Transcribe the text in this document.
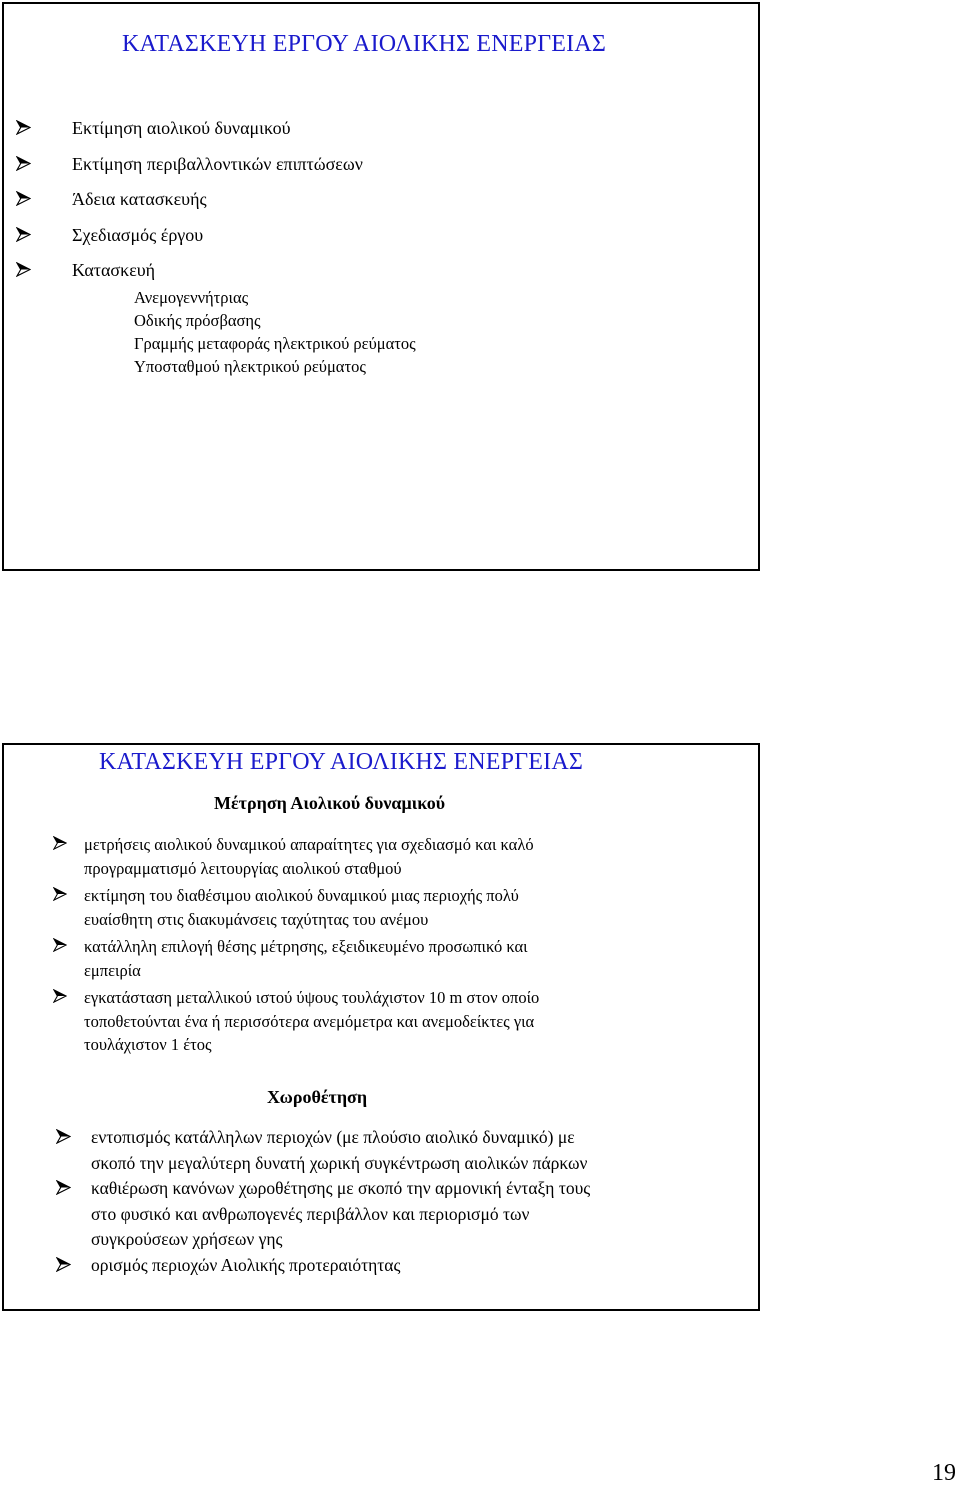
ΚΑΤΑΣΚΕΥΗ ΕΡΓΟΥ ΑΙΟΛΙΚΗΣ ΕΝΕΡΓΕΙΑΣ
Εκτίμηση αιολικού δυναμικού
Εκτίμηση περιβαλλοντικών επιπτώσεων
Άδεια κατασκευής
Σχεδιασμός έργου
Κατασκευή
Ανεμογεννήτριας
Οδικής πρόσβασης
Γραμμής μεταφοράς ηλεκτρικού ρεύματος
Υποσταθμού ηλεκτρικού ρεύματος
ΚΑΤΑΣΚΕΥΗ ΕΡΓΟΥ ΑΙΟΛΙΚΗΣ ΕΝΕΡΓΕΙΑΣ
Μέτρηση Αιολικού δυναμικού
μετρήσεις αιολικού δυναμικού απαραίτητες για σχεδιασμό και καλό
προγραμματισμό λειτουργίας αιολικού σταθμού
εκτίμηση του διαθέσιμου αιολικού δυναμικού μιας περιοχής πολύ
ευαίσθητη στις διακυμάνσεις ταχύτητας του ανέμου
κατάλληλη επιλογή θέσης μέτρησης, εξειδικευμένο προσωπικό και
εμπειρία
εγκατάσταση μεταλλικού ιστού ύψους τουλάχιστον 10 m στον οποίο
τοποθετούνται ένα ή περισσότερα ανεμόμετρα και ανεμοδείκτες για
τουλάχιστον 1 έτος
Χωροθέτηση
εντοπισμός κατάλληλων περιοχών (με πλούσιο αιολικό δυναμικό) με
σκοπό την μεγαλύτερη δυνατή χωρική συγκέντρωση αιολικών πάρκων
καθιέρωση κανόνων χωροθέτησης με σκοπό την αρμονική ένταξη τους
στο φυσικό και ανθρωπογενές περιβάλλον και περιορισμό των
συγκρούσεων χρήσεων γης
ορισμός περιοχών Αιολικής προτεραιότητας
19
